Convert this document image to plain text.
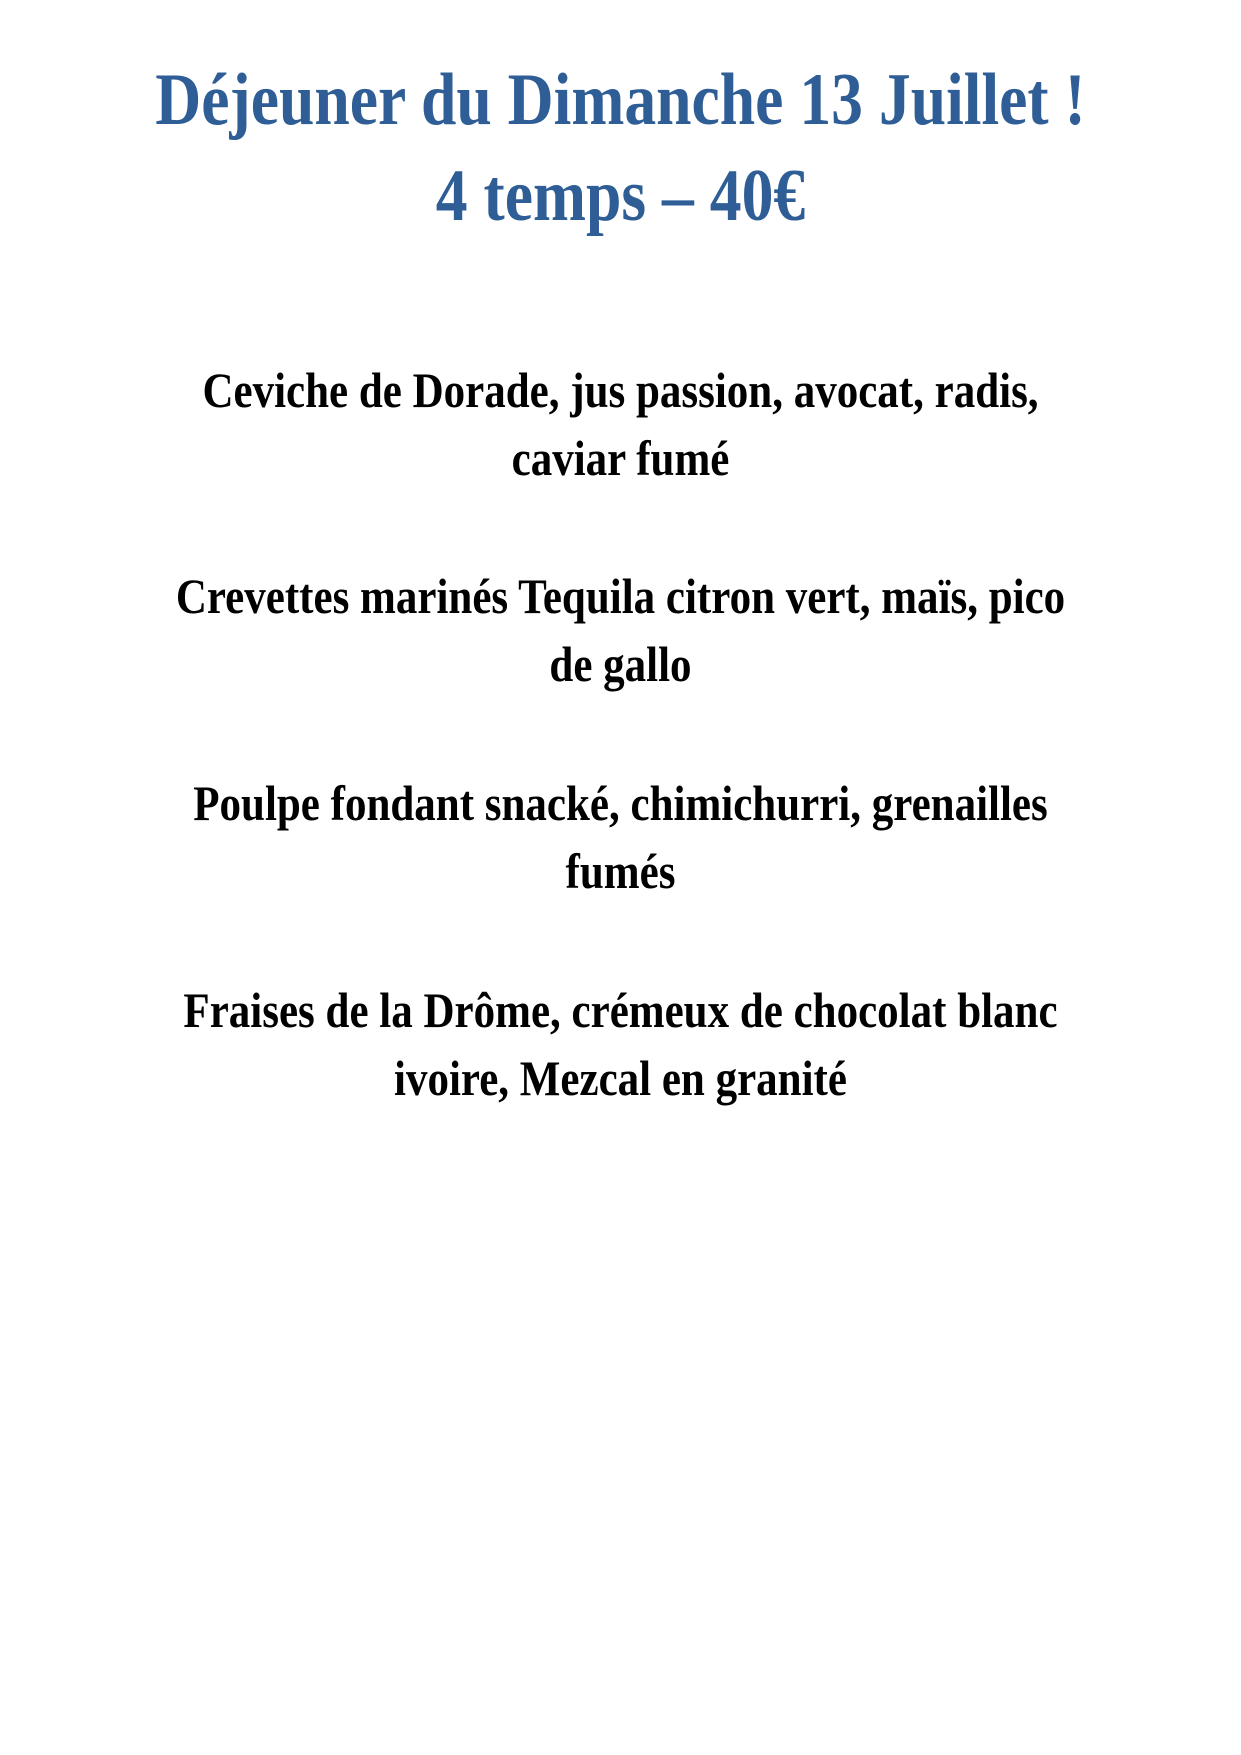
Déjeuner du Dimanche 13 Juillet !
4 temps – 40€
Ceviche de Dorade, jus passion, avocat, radis,
caviar fumé
Crevettes marinés Tequila citron vert, maïs, pico
de gallo
Poulpe fondant snacké, chimichurri, grenailles
fumés
Fraises de la Drôme, crémeux de chocolat blanc
ivoire, Mezcal en granité
